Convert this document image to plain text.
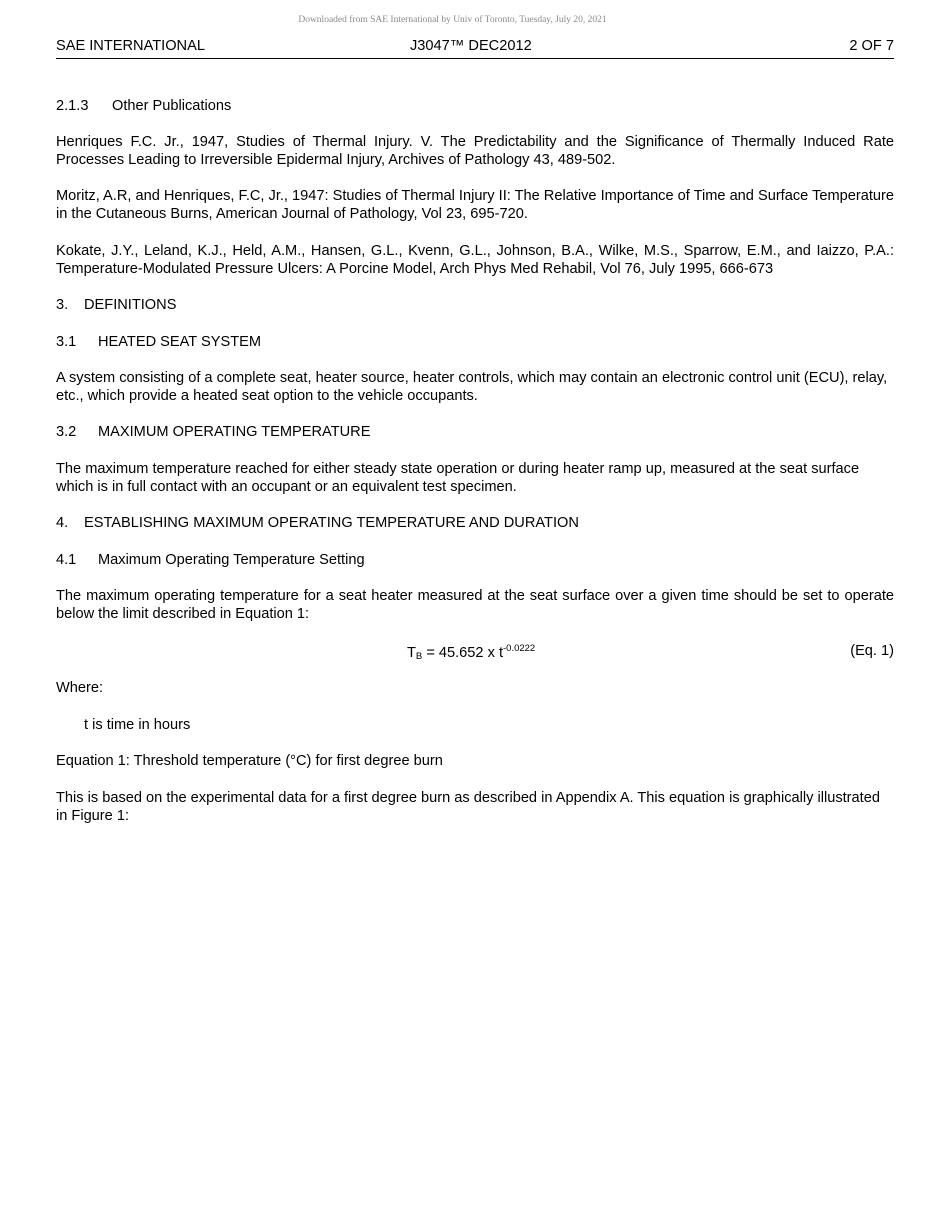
Downloaded from SAE International by Univ of Toronto, Tuesday, July 20, 2021
SAE INTERNATIONAL	J3047™ DEC2012	2 OF 7
2.1.3 Other Publications
Henriques F.C. Jr., 1947, Studies of Thermal Injury. V. The Predictability and the Significance of Thermally Induced Rate Processes Leading to Irreversible Epidermal Injury, Archives of Pathology 43, 489-502.
Moritz, A.R, and Henriques, F.C, Jr., 1947: Studies of Thermal Injury II: The Relative Importance of Time and Surface Temperature in the Cutaneous Burns, American Journal of Pathology, Vol 23, 695-720.
Kokate, J.Y., Leland, K.J., Held, A.M., Hansen, G.L., Kvenn, G.L., Johnson, B.A., Wilke, M.S., Sparrow, E.M., and Iaizzo, P.A.: Temperature-Modulated Pressure Ulcers: A Porcine Model, Arch Phys Med Rehabil, Vol 76, July 1995, 666-673
3. DEFINITIONS
3.1 HEATED SEAT SYSTEM
A system consisting of a complete seat, heater source, heater controls, which may contain an electronic control unit (ECU), relay, etc., which provide a heated seat option to the vehicle occupants.
3.2 MAXIMUM OPERATING TEMPERATURE
The maximum temperature reached for either steady state operation or during heater ramp up, measured at the seat surface which is in full contact with an occupant or an equivalent test specimen.
4. ESTABLISHING MAXIMUM OPERATING TEMPERATURE AND DURATION
4.1 Maximum Operating Temperature Setting
The maximum operating temperature for a seat heater measured at the seat surface over a given time should be set to operate below the limit described in Equation 1:
$T_B = 45.652$ x $t^{-0.0222}$	(Eq. 1)
Where:
t is time in hours
Equation 1: Threshold temperature (°C) for first degree burn
This is based on the experimental data for a first degree burn as described in Appendix A. This equation is graphically illustrated in Figure 1:
